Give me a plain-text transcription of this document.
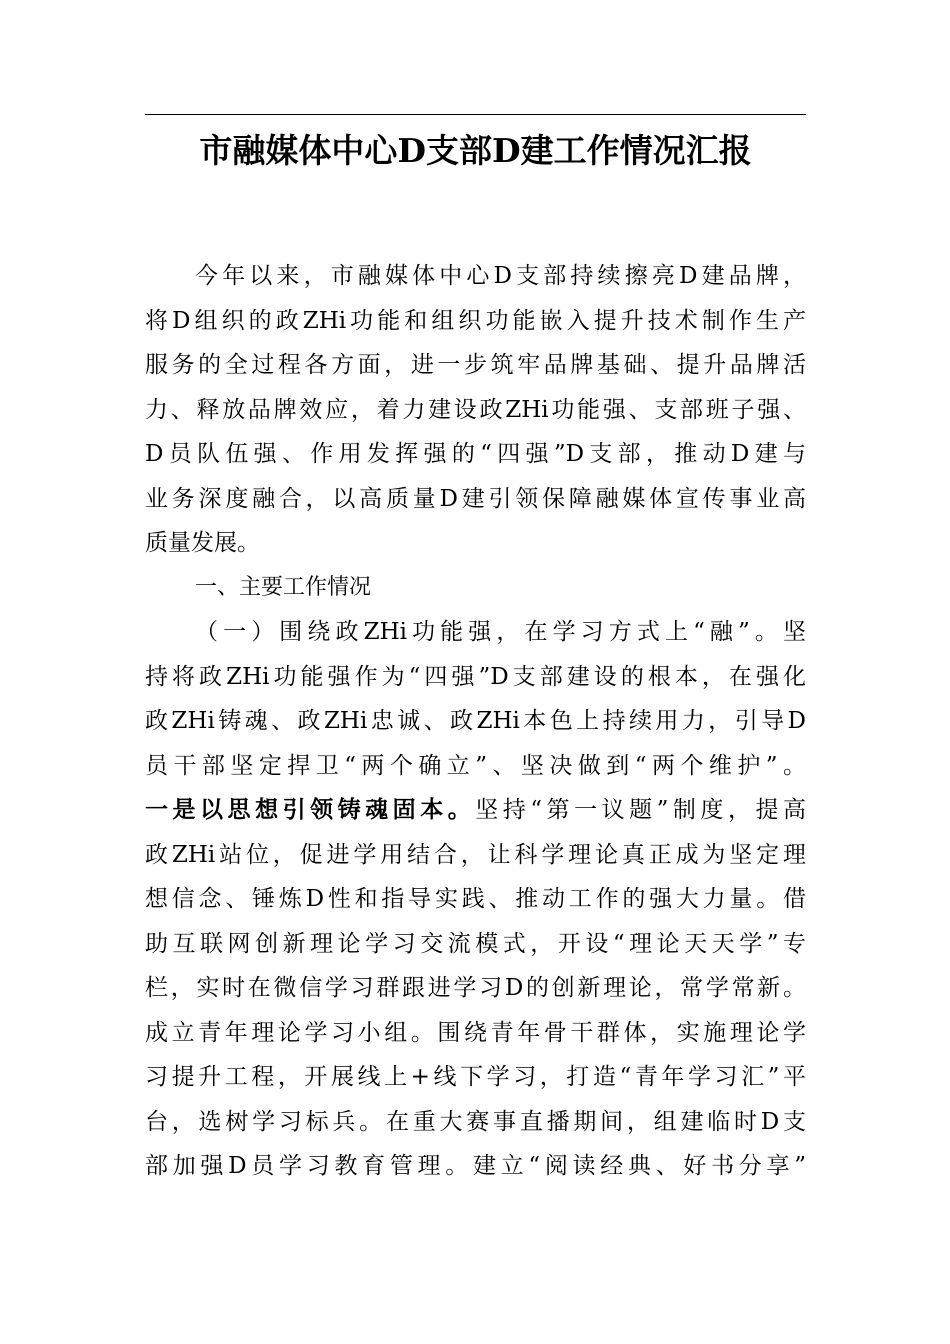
市融媒体中心D支部D建工作情况汇报
今年以来，市融媒体中心D支部持续擦亮D建品牌，
将D组织的政ZHi功能和组织功能嵌入提升技术制作生产
服务的全过程各方面，进一步筑牢品牌基础、提升品牌活
力、释放品牌效应，着力建设政ZHi功能强、支部班子强、
D员队伍强、作用发挥强的“四强”D支部，推动D建与
业务深度融合，以高质量D建引领保障融媒体宣传事业高
质量发展。
一、主要工作情况
（一）围绕政ZHi功能强，在学习方式上“融”。坚
持将政ZHi功能强作为“四强”D支部建设的根本，在强化
政ZHi铸魂、政ZHi忠诚、政ZHi本色上持续用力，引导D
员干部坚定捍卫“两个确立”、坚决做到“两个维护”。
一是以思想引领铸魂固本。坚持“第一议题”制度，提高
政ZHi站位，促进学用结合，让科学理论真正成为坚定理
想信念、锤炼D性和指导实践、推动工作的强大力量。借
助互联网创新理论学习交流模式，开设“理论天天学”专
栏，实时在微信学习群跟进学习D的创新理论，常学常新。
成立青年理论学习小组。围绕青年骨干群体，实施理论学
习提升工程，开展线上+线下学习，打造“青年学习汇”平
台，选树学习标兵。在重大赛事直播期间，组建临时D支
部加强D员学习教育管理。建立“阅读经典、好书分享”
